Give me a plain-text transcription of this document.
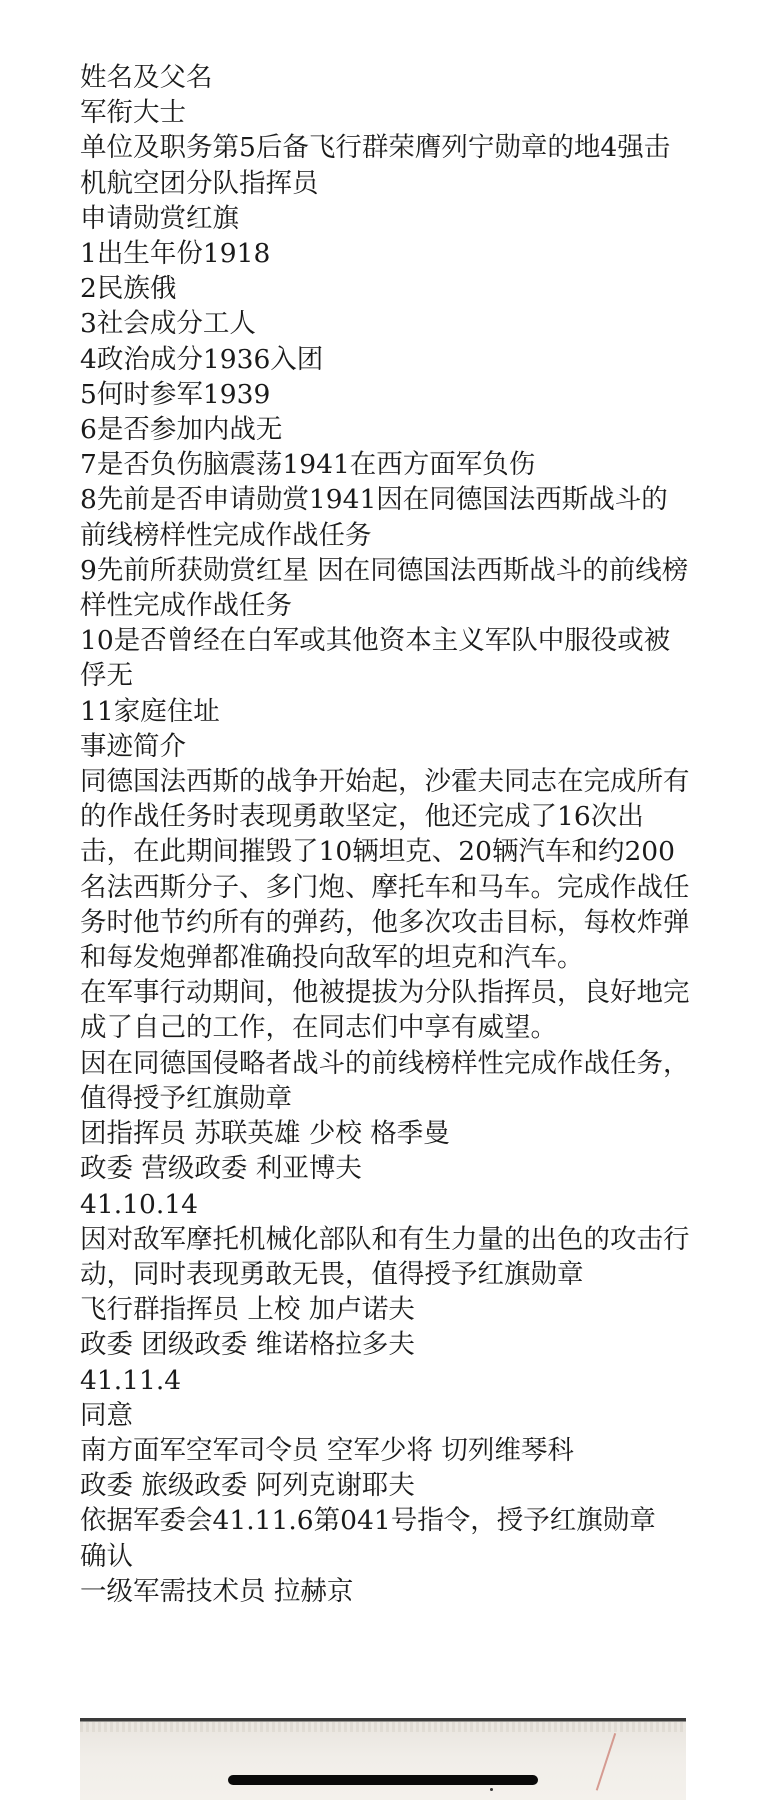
姓名及父名

军衔大士

单位及职务第5后备飞行群荣膺列宁勋章的地4强击机航空团分队指挥员

申请勋赏红旗

1出生年份1918

2民族俄

3社会成分工人

4政治成分1936入团

5何时参军1939

6是否参加内战无

7是否负伤脑震荡1941在西方面军负伤

8先前是否申请勋赏1941因在同德国法西斯战斗的前线榜样性完成作战任务

9先前所获勋赏红星 因在同德国法西斯战斗的前线榜样性完成作战任务

10是否曾经在白军或其他资本主义军队中服役或被俘无

11家庭住址

事迹简介

同德国法西斯的战争开始起，沙霍夫同志在完成所有的作战任务时表现勇敢坚定，他还完成了16次出击，在此期间摧毁了10辆坦克、20辆汽车和约200名法西斯分子、多门炮、摩托车和马车。完成作战任务时他节约所有的弹药，他多次攻击目标，每枚炸弹和每发炮弹都准确投向敌军的坦克和汽车。

在军事行动期间，他被提拔为分队指挥员，良好地完成了自己的工作，在同志们中享有威望。

因在同德国侵略者战斗的前线榜样性完成作战任务，值得授予红旗勋章

团指挥员 苏联英雄 少校 格季曼

政委 营级政委 利亚博夫

41.10.14

因对敌军摩托机械化部队和有生力量的出色的攻击行动，同时表现勇敢无畏，值得授予红旗勋章

飞行群指挥员 上校 加卢诺夫

政委 团级政委 维诺格拉多夫

41.11.4

同意

南方面军空军司令员 空军少将 切列维琴科

政委 旅级政委 阿列克谢耶夫

依据军委会41.11.6第041号指令，授予红旗勋章

确认

一级军需技术员 拉赫京
